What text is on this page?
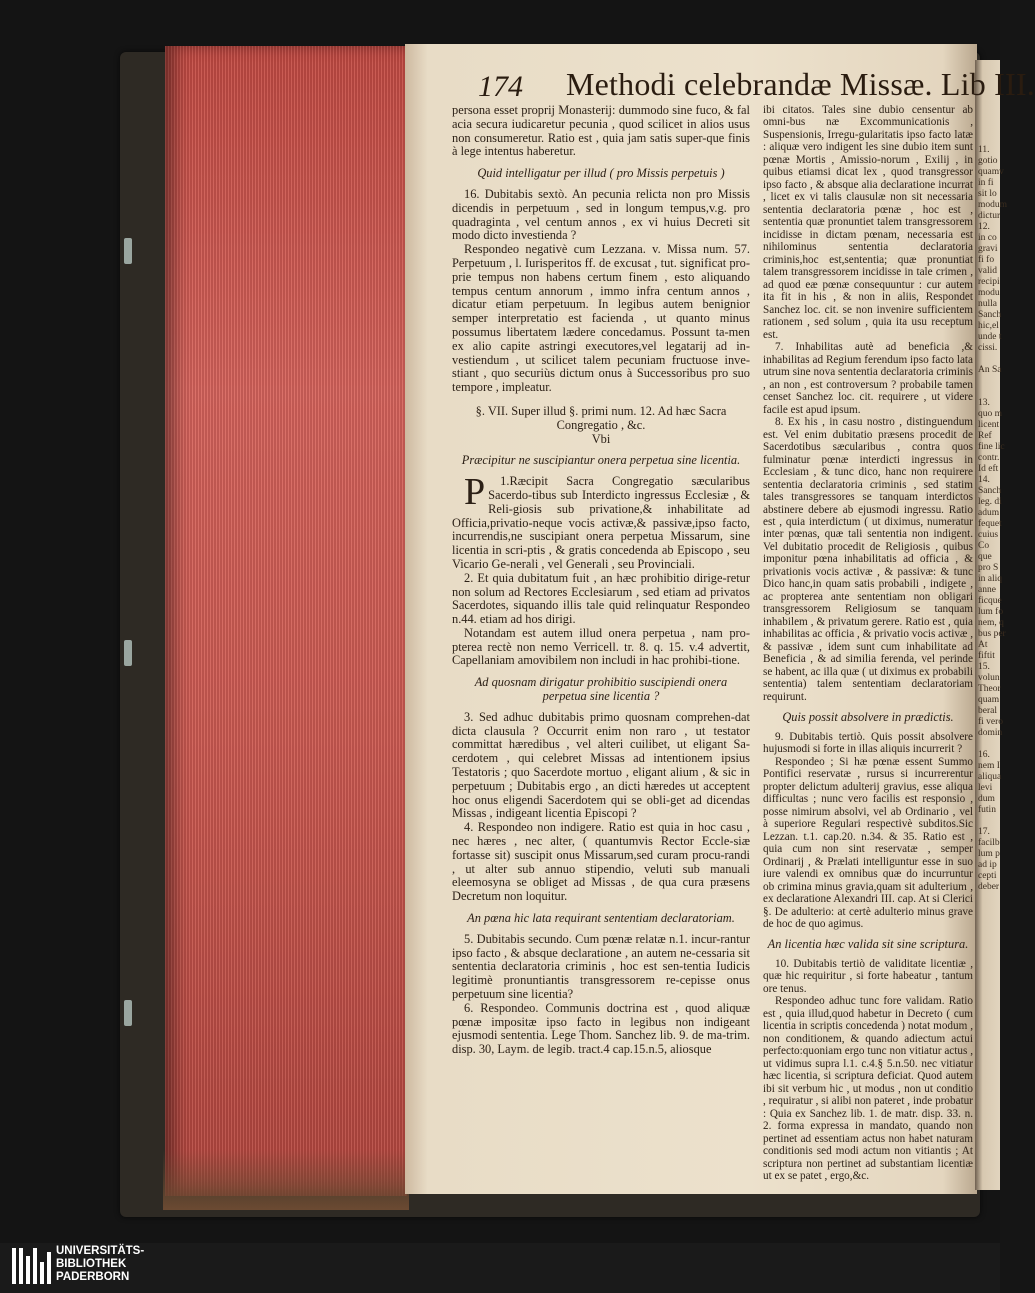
174 Methodi celebrandæ Missæ. Lib III.

persona esset proprij Monasterij: dummodo sine fuco, & fal acia secura iudicaretur pecunia , quod scilicet in alios usus non consumeretur. Ratio est , quia jam satis super-que finis à lege intentus haberetur.

Quid intelligatur per illud ( pro Missis perpetuis )

16. Dubitabis sextò. An pecunia relicta non pro Missis dicendis in perpetuum , sed in longum tempus,v.g. pro quadraginta , vel centum annos , ex vi huius Decreti sit modo dicto investienda ?

Respondeo negativè cum Lezzana. v. Missa num. 57. Perpetuum , l. Iurisperitos ff. de excusat , tut. significat pro-prie tempus non habens certum finem , esto aliquando tempus centum annorum , immo infra centum annos , dicatur etiam perpetuum. In legibus autem benignior semper interpretatio est facienda , ut quanto minus possumus libertatem lædere concedamus. Possunt ta-men ex alio capite astringi executores,vel legatarij ad in-vestiendum , ut scilicet talem pecuniam fructuose inve-stiant , quo securiùs dictum onus à Successoribus pro suo tempore , impleatur.

§. VII. Super illud §. primi num. 12. Ad hæc Sacra Congregatio , &c.

Vbi

Præcipitur ne suscipiantur onera perpetua sine licentia.

1.
P Ræcipit Sacra Congregatio sæcularibus Sacerdo-tibus sub Interdicto ingressus Ecclesiæ , & Reli-giosis sub privatione,& inhabilitate ad Officia,privatio-neque vocis activæ,& passivæ,ipso facto, incurrendis,ne suscipiant onera perpetua Missarum, sine licentia in scri-ptis , & gratis concedenda ab Episcopo , seu Vicario Ge-nerali , vel Generali , seu Provinciali.

2. Et quia dubitatum fuit , an hæc prohibitio dirige-retur non solum ad Rectores Ecclesiarum , sed etiam ad privatos Sacerdotes, siquando illis tale quid relinquatur Respondeo n.44. etiam ad hos dirigi.

Notandam est autem illud onera perpetua , nam pro-pterea rectè non nemo Verricell. tr. 8. q. 15. v.4 advertit, Capellaniam amovibilem non includi in hac prohibi-tione.

Ad quosnam dirigatur prohibitio suscipiendi onera perpetua sine licentia ?

3. Sed adhuc dubitabis primo quosnam comprehen-dat dicta clausula ? Occurrit enim non raro , ut testator committat hæredibus , vel alteri cuilibet, ut eligant Sa-cerdotem , qui celebret Missas ad intentionem ipsius Testatoris ; quo Sacerdote mortuo , eligant alium , & sic in perpetuum ; Dubitabis ergo , an dicti hæredes ut acceptent hoc onus eligendi Sacerdotem qui se obli-get ad dicendas Missas , indigeant licentia Episcopi ?

4. Respondeo non indigere. Ratio est quia in hoc casu , nec hæres , nec alter, ( quantumvis Rector Eccle-siæ fortasse sit) suscipit onus Missarum,sed curam procu-randi , ut alter sub annuo stipendio, veluti sub manuali eleemosyna se obliget ad Missas , de qua cura præsens Decretum non loquitur.

An pœna hic lata requirant sententiam declaratoriam.

5. Dubitabis secundo. Cum pœnæ relatæ n.1. incur-rantur ipso facto , & absque declaratione , an autem ne-cessaria sit sententia declaratoria criminis , hoc est sen-tentia Iudicis legitimè pronuntiantis transgressorem re-cepisse onus perpetuum sine licentia?

6. Respondeo. Communis doctrina est , quod aliquæ pœnæ impositæ ipso facto in legibus non indigeant ejusmodi sententia. Lege Thom. Sanchez lib. 9. de ma-trim. disp. 30, Laym. de legib. tract.4 cap.15.n.5, aliosque

ibi citatos. Tales sine dubio censentur ab omni-bus næ Excommunicationis , Suspensionis, Irregu-gularitatis ipso facto latæ : aliquæ vero indigent les sine dubio item sunt pœnæ Mortis , Amissio-norum , Exilij , in quibus etiamsi dicat lex , quod transgressor ipso facto , & absque alia declaratione incurrat , licet ex vi talis clausulæ non sit necessaria sententia declaratoria pœnæ , hoc est , sententia quæ pronuntiet talem transgressorem incidisse in dictam pœnam, necessaria est nihilominus sententia declaratoria criminis,hoc est,sententia; quæ pronuntiat talem transgressorem incidisse in tale crimen , ad quod eæ pœnæ consequuntur : cur autem ita fit in his , & non in aliis, Respondet Sanchez loc. cit. se non invenire sufficientem rationem , sed solum , quia ita usu receptum est.

7. Inhabilitas autè ad beneficia ,& inhabilitas ad Regium ferendum ipso facto lata utrum sine nova sententia declaratoria criminis , an non , est controversum ? probabile tamen censet Sanchez loc. cit. requirere , ut videre facile est apud ipsum.

8. Ex his , in casu nostro , distinguendum est. Vel enim dubitatio præsens procedit de Sacerdotibus sæcularibus , contra quos fulminatur pœnæ interdicti ingressus in Ecclesiam , & tunc dico, hanc non requirere sententia declaratoria criminis , sed statim tales transgressores se tanquam interdictos abstinere debere ab ejusmodi ingressu. Ratio est , quia interdictum ( ut diximus, numeratur inter pœnas, quæ tali sententia non indigent. Vel dubitatio procedit de Religiosis , quibus imponitur pœna inhabilitatis ad officia , & privationis vocis activæ , & passivæ: & tunc Dico hanc,in quam satis probabili , indigete , ac propterea ante sententiam non obligari transgressorem Religiosum se tanquam inhabilem , & privatum gerere. Ratio est , quia inhabilitas ac officia , & privatio vocis activæ , & passivæ , idem sunt cum inhabilitate ad Beneficia , & ad similia ferenda, vel perinde se habent, ac illa quæ ( ut diximus ex probabili sententia) talem sententiam declaratoriam requirunt.

Quis possit absolvere in prædictis.

9. Dubitabis tertiò. Quis possit absolvere hujusmodi si forte in illas aliquis incurrerit ?

Respondeo ; Si hæ pœnæ essent Summo Pontifici reservatæ , rursus si incurrerentur propter delictum adulterij gravius, esse aliqua difficultas ; nunc vero facilis est responsio , posse nimirum absolvi, vel ab Ordinario , vel à superiore Regulari respectivè subditos.Sic Lezzan. t.1. cap.20. n.34. & 35. Ratio est , quia cum non sint reservatæ , semper Ordinarij , & Prælati intelliguntur esse in suo iure valendi ex omnibus quæ do incurruntur ob crimina minus gravia,quam sit adulterium , ex declaratione Alexandri III. cap. At si Clerici §. De adulterio: at certè adulterio minus grave de hoc de quo agimus.

An licentia hæc valida sit sine scriptura.

10. Dubitabis tertiò de validitate licentiæ , quæ hic requiritur , si forte habeatur , tantum ore tenus.

Respondeo adhuc tunc fore validam. Ratio est , quia illud,quod habetur in Decreto ( cum licentia in scriptis concedenda ) notat modum , non conditionem, & quando adiectum actui perfecto:quoniam ergo tunc non vitiatur actus , ut vidimus supra l.1. c.4.§ 5.n.50. nec vitiatur hæc licentia, si scriptura deficiat. Quod autem ibi sit verbum hic , ut modus , non ut conditio , requiratur , si alibi non pateret , inde probatur : Quia ex Sanchez lib. 1. de matr. disp. 33. n. 2. forma expressa in mandato, quando non pertinet ad essentiam actus non habet naturam conditionis sed modi actum non vitiantis ; At scriptura non pertinet ad substantiam licentiæ ut ex se patet , ergo,&c.

11.
gotio
quamv
in fi
sit lo
modum
dictur
12.
in co
gravi
fi fo
valid
recipi
modu
nulla
Sanch
hic,el
unde t
cissi.

An Sa

13.
quo m
licent
Ref
fine lic
contr.
Id eft
14.
Sanch
leg. di
adum
fequet
cuius
Co
que
pro S
in aliq
anne
ficque
lum fo
nem, q
bus per
At
fiftit
15.
volun
Theor
quam
beral
fi vero
domin

16.
nem I
aliqua
levi
dum
futin

17.
facilb
lum p
ad ip
cepti
deber
UNIVERSITÄTS-
BIBLIOTHEK
PADERBORN
